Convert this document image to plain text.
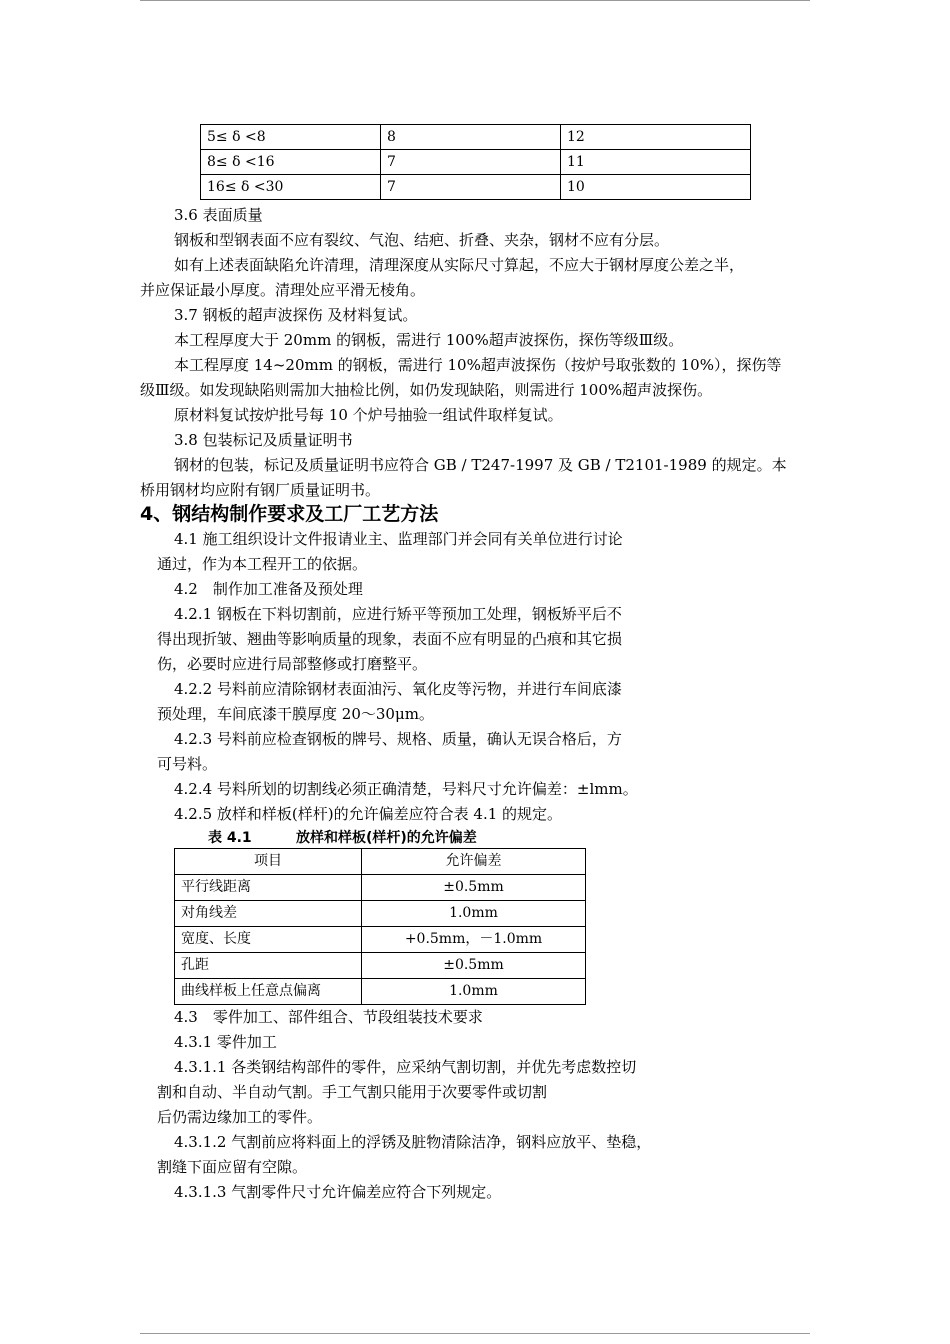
5≤ δ <8	8	12
8≤ δ <16	7	11
16≤ δ <30	7	10
3.6 表面质量
钢板和型钢表面不应有裂纹、气泡、结疤、折叠、夹杂，钢材不应有分层。
如有上述表面缺陷允许清理，清理深度从实际尺寸算起，不应大于钢材厚度公差之半，
并应保证最小厚度。清理处应平滑无棱角。
3.7 钢板的超声波探伤 及材料复试。
本工程厚度大于 20mm 的钢板，需进行 100%超声波探伤，探伤等级Ⅲ级。
本工程厚度 14~20mm 的钢板，需进行 10%超声波探伤（按炉号取张数的 10%），探伤等
级Ⅲ级。如发现缺陷则需加大抽检比例，如仍发现缺陷，则需进行 100%超声波探伤。
原材料复试按炉批号每 10 个炉号抽验一组试件取样复试。
3.8 包装标记及质量证明书
钢材的包装，标记及质量证明书应符合 GB / T247-1997 及 GB / T2101-1989 的规定。本
桥用钢材均应附有钢厂质量证明书。
4、钢结构制作要求及工厂工艺方法
4.1 施工组织设计文件报请业主、监理部门并会同有关单位进行讨论
通过，作为本工程开工的依据。
4.2　制作加工准备及预处理
4.2.1 钢板在下料切割前，应进行矫平等预加工处理，钢板矫平后不
得出现折皱、翘曲等影响质量的现象，表面不应有明显的凸痕和其它损
伤，必要时应进行局部整修或打磨整平。
4.2.2 号料前应清除钢材表面油污、氧化皮等污物，并进行车间底漆
预处理，车间底漆干膜厚度 20～30μm。
4.2.3 号料前应检查钢板的牌号、规格、质量，确认无误合格后，方
可号料。
4.2.4 号料所划的切割线必须正确清楚，号料尺寸允许偏差：±lmm。
4.2.5 放样和样板(样杆)的允许偏差应符合表 4.1 的规定。
表 4.1	放样和样板(样杆)的允许偏差
项目	允许偏差
平行线距离	±0.5mm
对角线差	1.0mm
宽度、长度	+0.5mm，－1.0mm
孔距	±0.5mm
曲线样板上任意点偏离	1.0mm
4.3　零件加工、部件组合、节段组装技术要求
4.3.1 零件加工
4.3.1.1 各类钢结构部件的零件，应采纳气割切割，并优先考虑数控切
割和自动、半自动气割。手工气割只能用于次要零件或切割
后仍需边缘加工的零件。
4.3.1.2 气割前应将料面上的浮锈及脏物清除洁净，钢料应放平、垫稳，
割缝下面应留有空隙。
4.3.1.3 气割零件尺寸允许偏差应符合下列规定。
